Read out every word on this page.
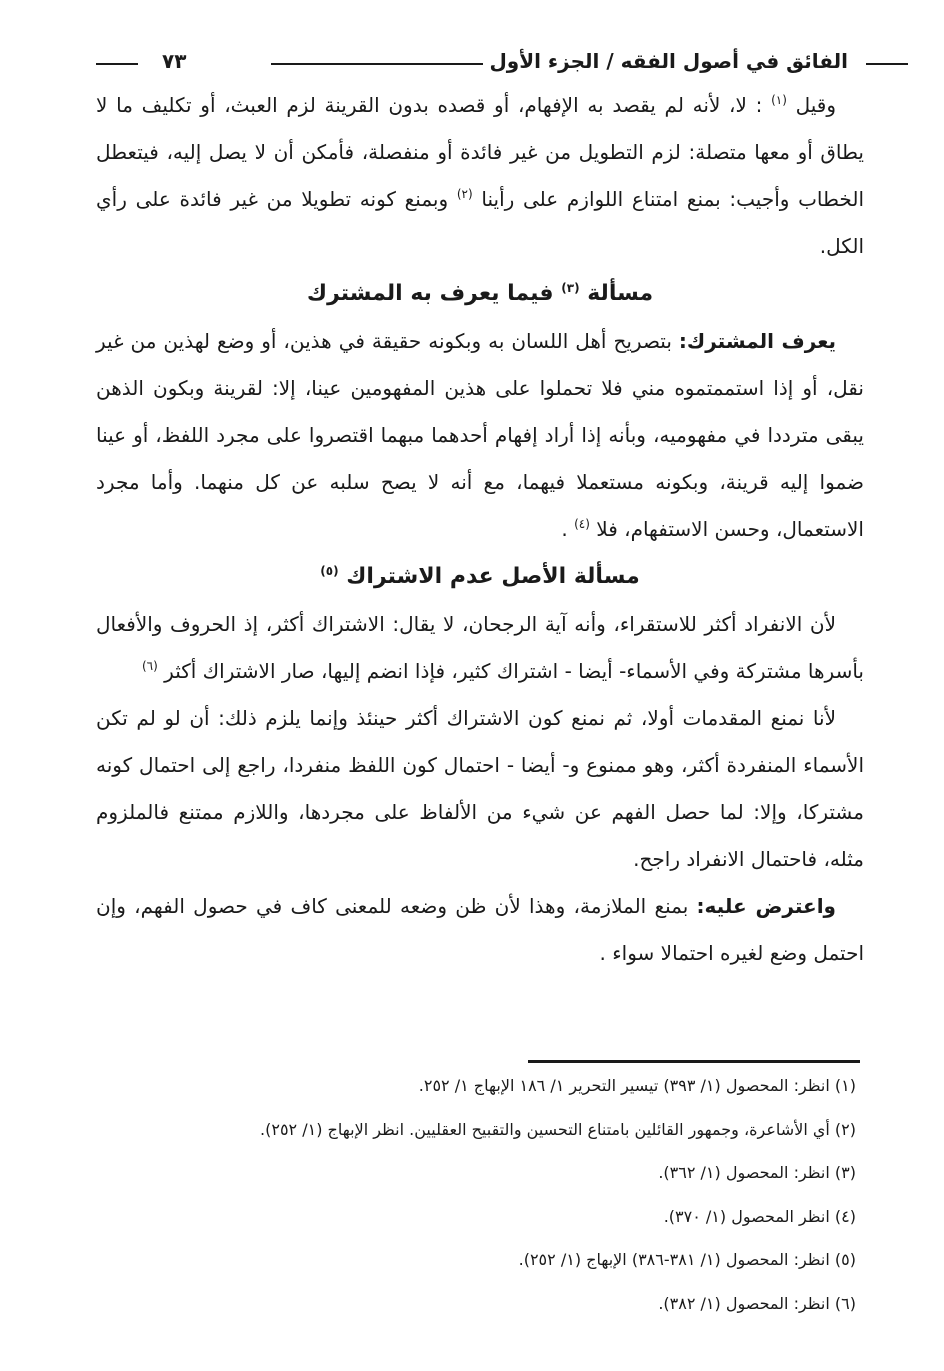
الفائق في أصول الفقه / الجزء الأول
٧٣

وقيل $^{(١)}$ : لا، لأنه لم يقصد به الإفهام، أو قصده بدون القرينة لزم العبث، أو تكليف ما لا يطاق أو معها متصلة: لزم التطويل من غير فائدة أو منفصلة، فأمكن أن لا يصل إليه، فيتعطل الخطاب وأجيب: بمنع امتناع اللوازم على رأينا $^{(٢)}$ وبمنع كونه تطويلا من غير فائدة على رأي الكل.

مسألة $^{(٣)}$ فيما يعرف به المشترك

يعرف المشترك: بتصريح أهل اللسان به وبكونه حقيقة في هذين، أو وضع لهذين من غير نقل، أو إذا استممتموه مني فلا تحملوا على هذين المفهومين عينا، إلا: لقرينة وبكون الذهن يبقى مترددا في مفهوميه، وبأنه إذا أراد إفهام أحدهما مبهما اقتصروا على مجرد اللفظ، أو عينا ضموا إليه قرينة، وبكونه مستعملا فيهما، مع أنه لا يصح سلبه عن كل منهما. وأما مجرد الاستعمال، وحسن الاستفهام، فلا $^{(٤)}$ .

مسألة الأصل عدم الاشتراك $^{(٥)}$

لأن الانفراد أكثر للاستقراء، وأنه آية الرجحان، لا يقال: الاشتراك أكثر، إذ الحروف والأفعال بأسرها مشتركة وفي الأسماء- أيضا - اشتراك كثير، فإذا انضم إليها، صار الاشتراك أكثر $^{(٦)}$

لأنا نمنع المقدمات أولا، ثم نمنع كون الاشتراك أكثر حينئذ وإنما يلزم ذلك: أن لو لم تكن الأسماء المنفردة أكثر، وهو ممنوع و- أيضا - احتمال كون اللفظ منفردا، راجع إلى احتمال كونه مشتركا، وإلا: لما حصل الفهم عن شيء من الألفاظ على مجردها، واللازم ممتنع فالملزوم مثله، فاحتمال الانفراد راجح.

واعترض عليه: بمنع الملازمة، وهذا لأن ظن وضعه للمعنى كاف في حصول الفهم، وإن احتمل وضع لغيره احتمالا سواء .

(١) انظر: المحصول (١/ ٣٩٣) تيسير التحرير ١/ ١٨٦ الإبهاج ١/ ٢٥٢.
(٢) أي الأشاعرة، وجمهور القائلين بامتناع التحسين والتقبيح العقليين. انظر الإبهاج (١/ ٢٥٢).
(٣) انظر: المحصول (١/ ٣٦٢).
(٤) انظر المحصول (١/ ٣٧٠).
(٥) انظر: المحصول (١/ ٣٨١-٣٨٦) الإبهاج (١/ ٢٥٢).
(٦) انظر: المحصول (١/ ٣٨٢).
